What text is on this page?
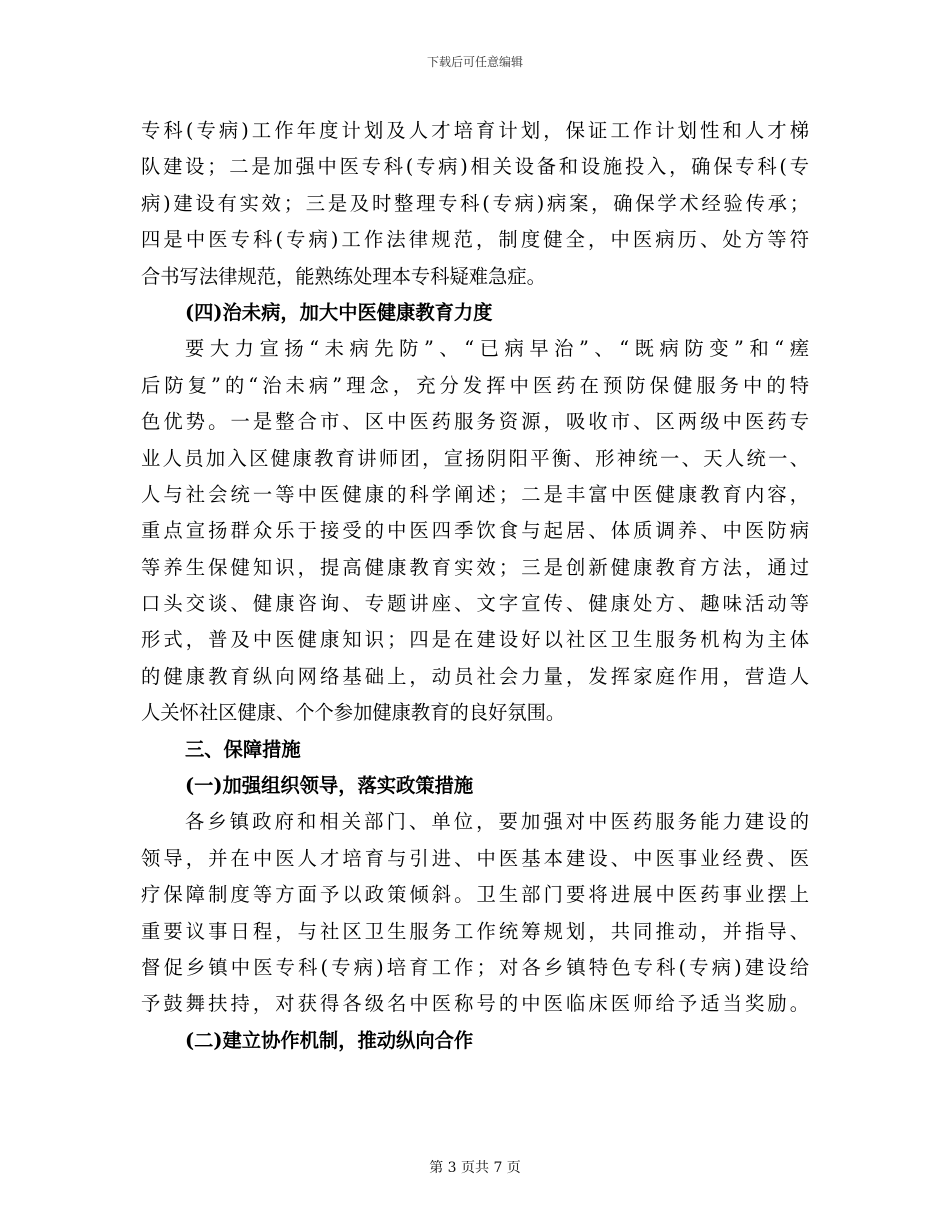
下载后可任意编辑
专科(专病)工作年度计划及人才培育计划，保证工作计划性和人才梯
队建设；二是加强中医专科(专病)相关设备和设施投入，确保专科(专
病)建设有实效；三是及时整理专科(专病)病案，确保学术经验传承；
四是中医专科(专病)工作法律规范，制度健全，中医病历、处方等符
合书写法律规范，能熟练处理本专科疑难急症。
(四)治未病，加大中医健康教育力度
要大力宣扬“未病先防”、“已病早治”、“既病防变”和“瘥
后防复”的“治未病”理念，充分发挥中医药在预防保健服务中的特
色优势。一是整合市、区中医药服务资源，吸收市、区两级中医药专
业人员加入区健康教育讲师团，宣扬阴阳平衡、形神统一、天人统一、
人与社会统一等中医健康的科学阐述；二是丰富中医健康教育内容，
重点宣扬群众乐于接受的中医四季饮食与起居、体质调养、中医防病
等养生保健知识，提高健康教育实效；三是创新健康教育方法，通过
口头交谈、健康咨询、专题讲座、文字宣传、健康处方、趣味活动等
形式，普及中医健康知识；四是在建设好以社区卫生服务机构为主体
的健康教育纵向网络基础上，动员社会力量，发挥家庭作用，营造人
人关怀社区健康、个个参加健康教育的良好氛围。
三、保障措施
(一)加强组织领导，落实政策措施
各乡镇政府和相关部门、单位，要加强对中医药服务能力建设的
领导，并在中医人才培育与引进、中医基本建设、中医事业经费、医
疗保障制度等方面予以政策倾斜。卫生部门要将进展中医药事业摆上
重要议事日程，与社区卫生服务工作统筹规划，共同推动，并指导、
督促乡镇中医专科(专病)培育工作；对各乡镇特色专科(专病)建设给
予鼓舞扶持，对获得各级名中医称号的中医临床医师给予适当奖励。
(二)建立协作机制，推动纵向合作
第 3 页共 7 页
